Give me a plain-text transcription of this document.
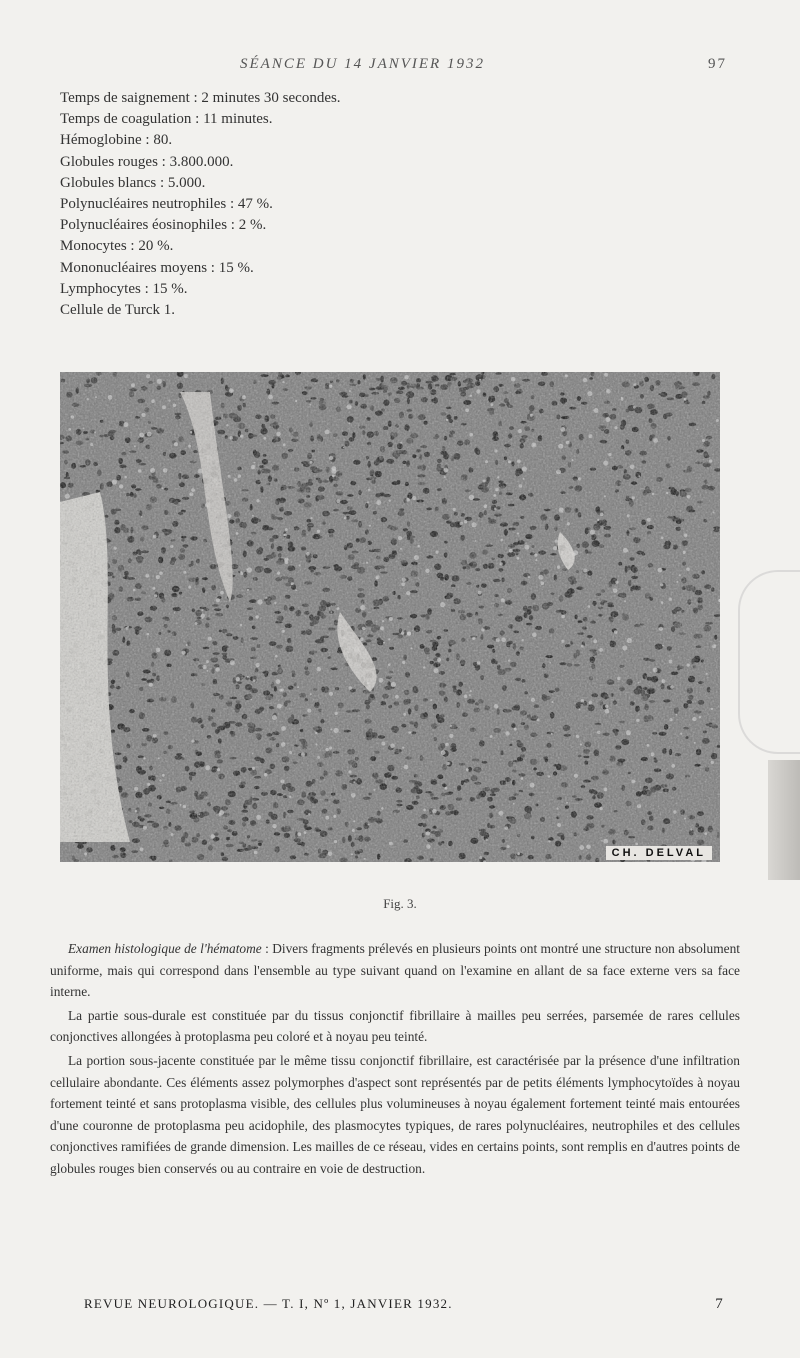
SÉANCE DU 14 JANVIER 1932	97
Temps de saignement : 2 minutes 30 secondes.
Temps de coagulation : 11 minutes.
Hémoglobine : 80.
Globules rouges : 3.800.000.
Globules blancs : 5.000.
Polynucléaires neutrophiles : 47 %.
Polynucléaires éosinophiles : 2 %.
Monocytes : 20 %.
Mononucléaires moyens : 15 %.
Lymphocytes : 15 %.
Cellule de Turck 1.
CH. DELVAL
Fig. 3.

Examen histologique de l'hématome : Divers fragments prélevés en plusieurs points ont montré une structure non absolument uniforme, mais qui correspond dans l'ensemble au type suivant quand on l'examine en allant de sa face externe vers sa face interne.

La partie sous-durale est constituée par du tissus conjonctif fibrillaire à mailles peu serrées, parsemée de rares cellules conjonctives allongées à protoplasma peu coloré et à noyau peu teinté.

La portion sous-jacente constituée par le même tissu conjonctif fibrillaire, est caractérisée par la présence d'une infiltration cellulaire abondante. Ces éléments assez polymorphes d'aspect sont représentés par de petits éléments lymphocytoïdes à noyau fortement teinté et sans protoplasma visible, des cellules plus volumineuses à noyau également fortement teinté mais entourées d'une couronne de protoplasma peu acidophile, des plasmocytes typiques, de rares polynucléaires, neutrophiles et des cellules conjonctives ramifiées de grande dimension. Les mailles de ce réseau, vides en certains points, sont remplis en d'autres points de globules rouges bien conservés ou au contraire en voie de destruction.

REVUE NEUROLOGIQUE. — T. I, Nº 1, JANVIER 1932.	7
